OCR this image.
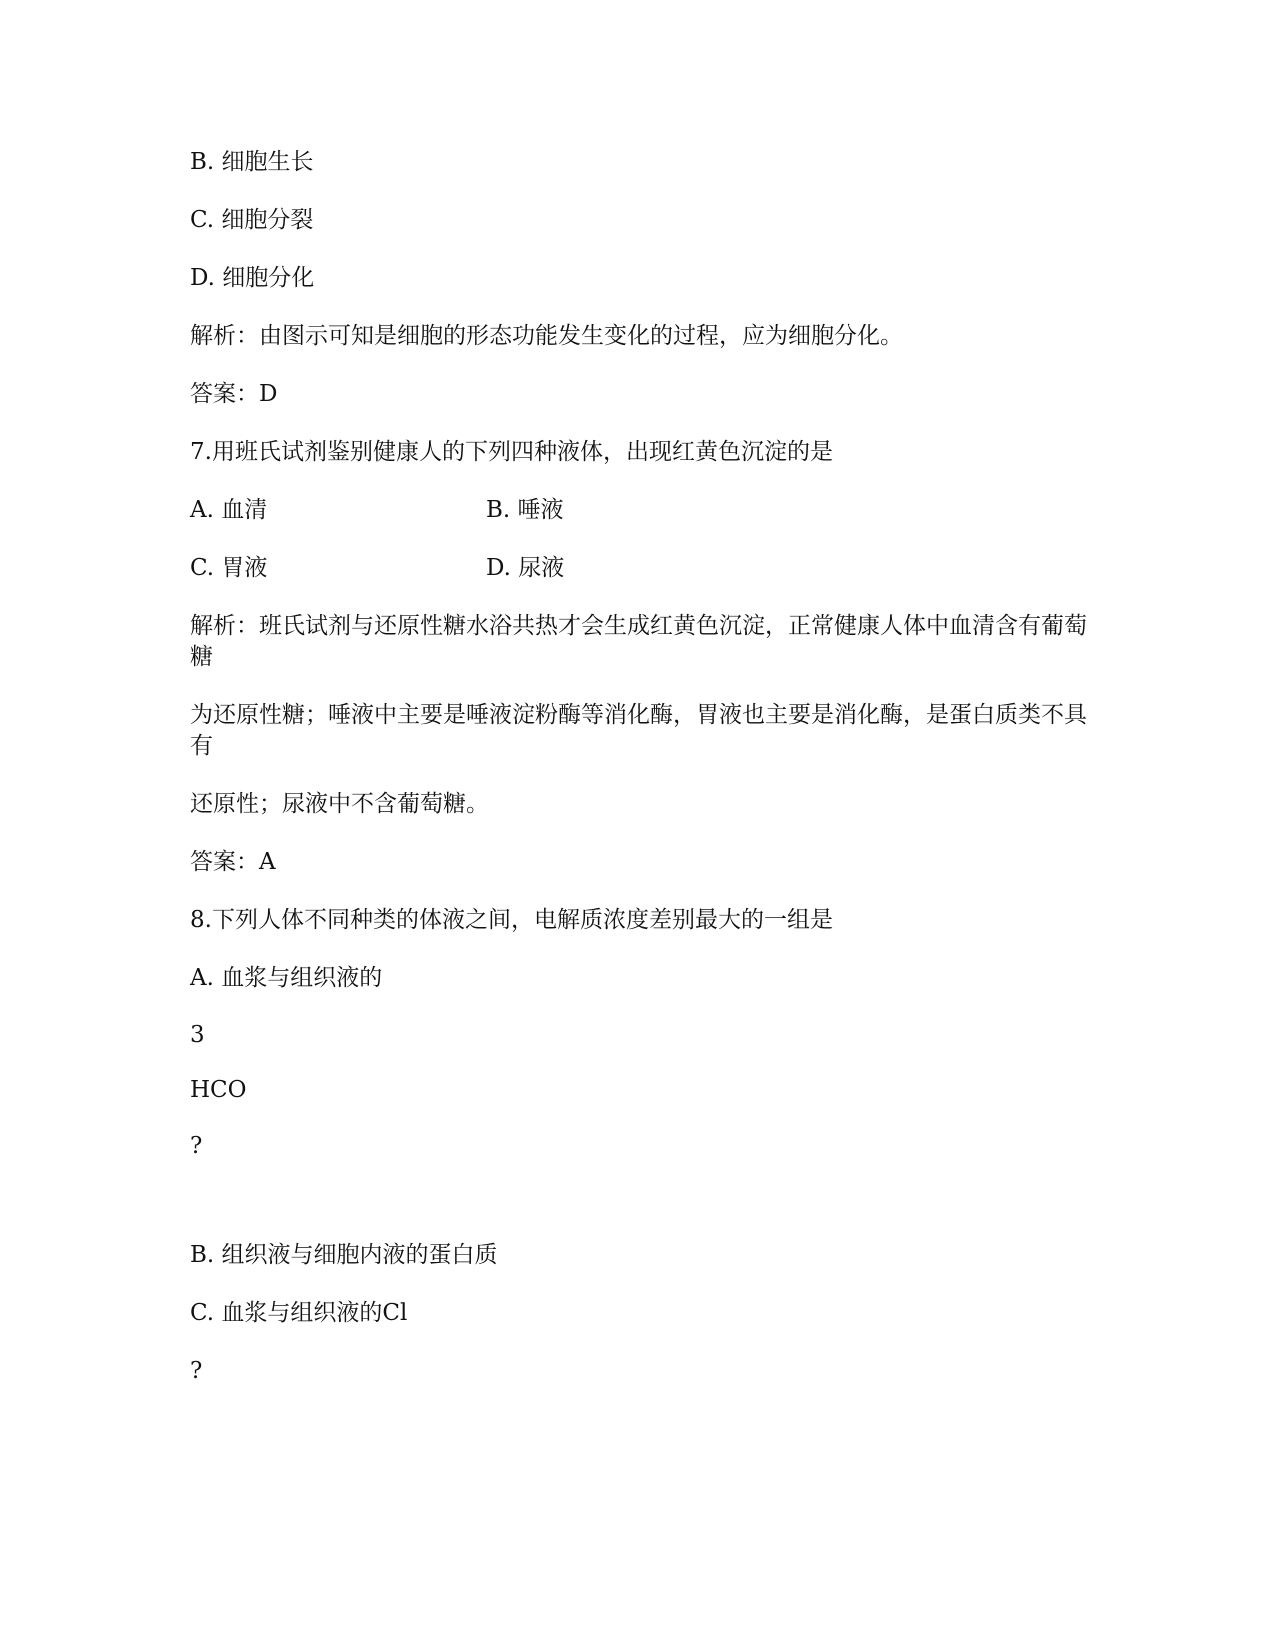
B. 细胞生长
C. 细胞分裂
D. 细胞分化
解析：由图示可知是细胞的形态功能发生变化的过程，应为细胞分化。
答案：D
7.用班氏试剂鉴别健康人的下列四种液体，出现红黄色沉淀的是
A. 血清	B. 唾液
C. 胃液	D. 尿液
解析：班氏试剂与还原性糖水浴共热才会生成红黄色沉淀，正常健康人体中血清含有葡萄糖
为还原性糖；唾液中主要是唾液淀粉酶等消化酶，胃液也主要是消化酶，是蛋白质类不具有
还原性；尿液中不含葡萄糖。
答案：A
8.下列人体不同种类的体液之间，电解质浓度差别最大的一组是
A. 血浆与组织液的
3
HCO
?
B. 组织液与细胞内液的蛋白质
C. 血浆与组织液的Cl
?
